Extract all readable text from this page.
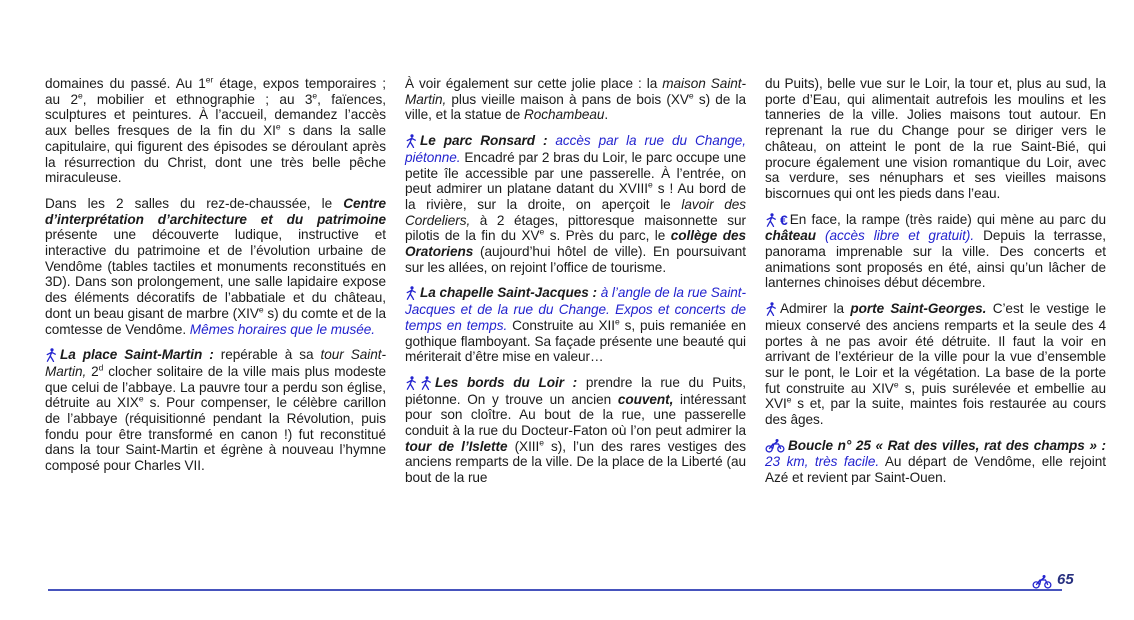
domaines du passé. Au 1er étage, expos temporaires ; au 2e, mobilier et ethnographie ; au 3e, faïences, sculptures et peintures. À l’accueil, demandez l’accès aux belles fresques de la fin du XIe s dans la salle capitulaire, qui figurent des épisodes se déroulant après la résurrection du Christ, dont une très belle pêche miraculeuse.

Dans les 2 salles du rez-de-chaussée, le Centre d’interprétation d’architecture et du patrimoine présente une découverte ludique, instructive et interactive du patrimoine et de l’évolution urbaine de Vendôme (tables tactiles et monuments reconstitués en 3D). Dans son prolongement, une salle lapidaire expose des éléments décoratifs de l’abbatiale et du château, dont un beau gisant de marbre (XIVe s) du comte et de la comtesse de Vendôme. Mêmes horaires que le musée.

La place Saint-Martin : repérable à sa tour Saint-Martin, 2$^d$ clocher solitaire de la ville mais plus modeste que celui de l’abbaye. La pauvre tour a perdu son église, détruite au XIXe s. Pour compenser, le célèbre carillon de l’abbaye (réquisitionné pendant la Révolution, puis fondu pour être transformé en canon !) fut reconstitué dans la tour Saint-Martin et égrène à nouveau l’hymne composé pour Charles VII.

À voir également sur cette jolie place : la maison Saint-Martin, plus vieille maison à pans de bois (XVe s) de la ville, et la statue de Rochambeau.

Le parc Ronsard : accès par la rue du Change, piétonne. Encadré par 2 bras du Loir, le parc occupe une petite île accessible par une passerelle. À l’entrée, on peut admirer un platane datant du XVIIIe s ! Au bord de la rivière, sur la droite, on aperçoit le lavoir des Cordeliers, à 2 étages, pittoresque maisonnette sur pilotis de la fin du XVe s. Près du parc, le collège des Oratoriens (aujourd’hui hôtel de ville). En poursuivant sur les allées, on rejoint l’office de tourisme.

La chapelle Saint-Jacques : à l’angle de la rue Saint-Jacques et de la rue du Change. Expos et concerts de temps en temps. Construite au XIIe s, puis remaniée en gothique flamboyant. Sa façade présente une beauté qui mériterait d’être mise en valeur…

Les bords du Loir : prendre la rue du Puits, piétonne. On y trouve un ancien couvent, intéressant pour son cloître. Au bout de la rue, une passerelle conduit à la rue du Docteur-Faton où l’on peut admirer la tour de l’Islette (XIIIe s), l’un des rares vestiges des anciens remparts de la ville. De la place de la Liberté (au bout de la rue

du Puits), belle vue sur le Loir, la tour et, plus au sud, la porte d’Eau, qui alimentait autrefois les moulins et les tanneries de la ville. Jolies maisons tout autour. En reprenant la rue du Change pour se diriger vers le château, on atteint le pont de la rue Saint-Bié, qui procure également une vision romantique du Loir, avec sa verdure, ses nénuphars et ses vieilles maisons biscornues qui ont les pieds dans l’eau.

€ En face, la rampe (très raide) qui mène au parc du château (accès libre et gratuit). Depuis la terrasse, panorama imprenable sur la ville. Des concerts et animations sont proposés en été, ainsi qu’un lâcher de lanternes chinoises début décembre.

Admirer la porte Saint-Georges. C’est le vestige le mieux conservé des anciens remparts et la seule des 4 portes à ne pas avoir été détruite. Il faut la voir en arrivant de l’extérieur de la ville pour la vue d’ensemble sur le pont, le Loir et la végétation. La base de la porte fut construite au XIVe s, puis surélevée et embellie au XVIe s et, par la suite, maintes fois restaurée au cours des âges.

Boucle n° 25 « Rat des villes, rat des champs » : 23 km, très facile. Au départ de Vendôme, elle rejoint Azé et revient par Saint-Ouen.

65
